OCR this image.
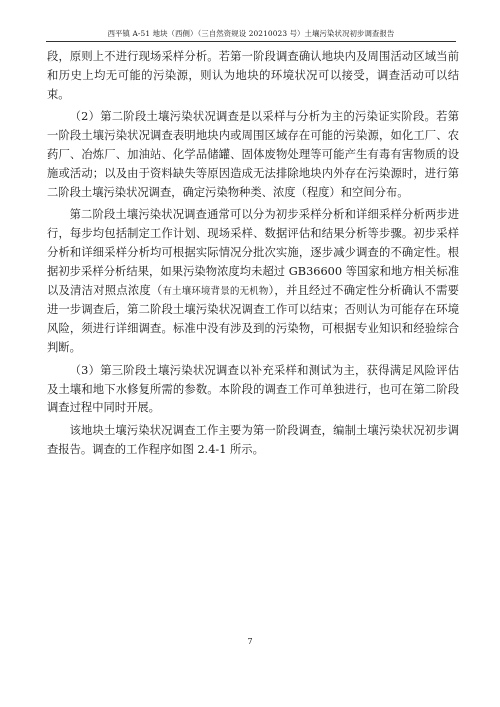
西平镇 A-51 地块（西侧）（三自然资规设 20210023 号）土壤污染状况初步调查报告

段，原则上不进行现场采样分析。若第一阶段调查确认地块内及周围活动区域当前和历史上均无可能的污染源，则认为地块的环境状况可以接受，调查活动可以结束。

（2）第二阶段土壤污染状况调查是以采样与分析为主的污染证实阶段。若第一阶段土壤污染状况调查表明地块内或周围区域存在可能的污染源，如化工厂、农药厂、冶炼厂、加油站、化学品储罐、固体废物处理等可能产生有毒有害物质的设施或活动；以及由于资料缺失等原因造成无法排除地块内外存在污染源时，进行第二阶段土壤污染状况调查，确定污染物种类、浓度（程度）和空间分布。

第二阶段土壤污染状况调查通常可以分为初步采样分析和详细采样分析两步进行，每步均包括制定工作计划、现场采样、数据评估和结果分析等步骤。初步采样分析和详细采样分析均可根据实际情况分批次实施，逐步减少调查的不确定性。根据初步采样分析结果，如果污染物浓度均未超过 GB36600 等国家和地方相关标准以及清洁对照点浓度（有土壤环境背景的无机物），并且经过不确定性分析确认不需要进一步调查后，第二阶段土壤污染状况调查工作可以结束；否则认为可能存在环境风险，须进行详细调查。标准中没有涉及到的污染物，可根据专业知识和经验综合判断。

（3）第三阶段土壤污染状况调查以补充采样和测试为主，获得满足风险评估及土壤和地下水修复所需的参数。本阶段的调查工作可单独进行，也可在第二阶段调查过程中同时开展。

该地块土壤污染状况调查工作主要为第一阶段调查，编制土壤污染状况初步调查报告。调查的工作程序如图 2.4-1 所示。

7
